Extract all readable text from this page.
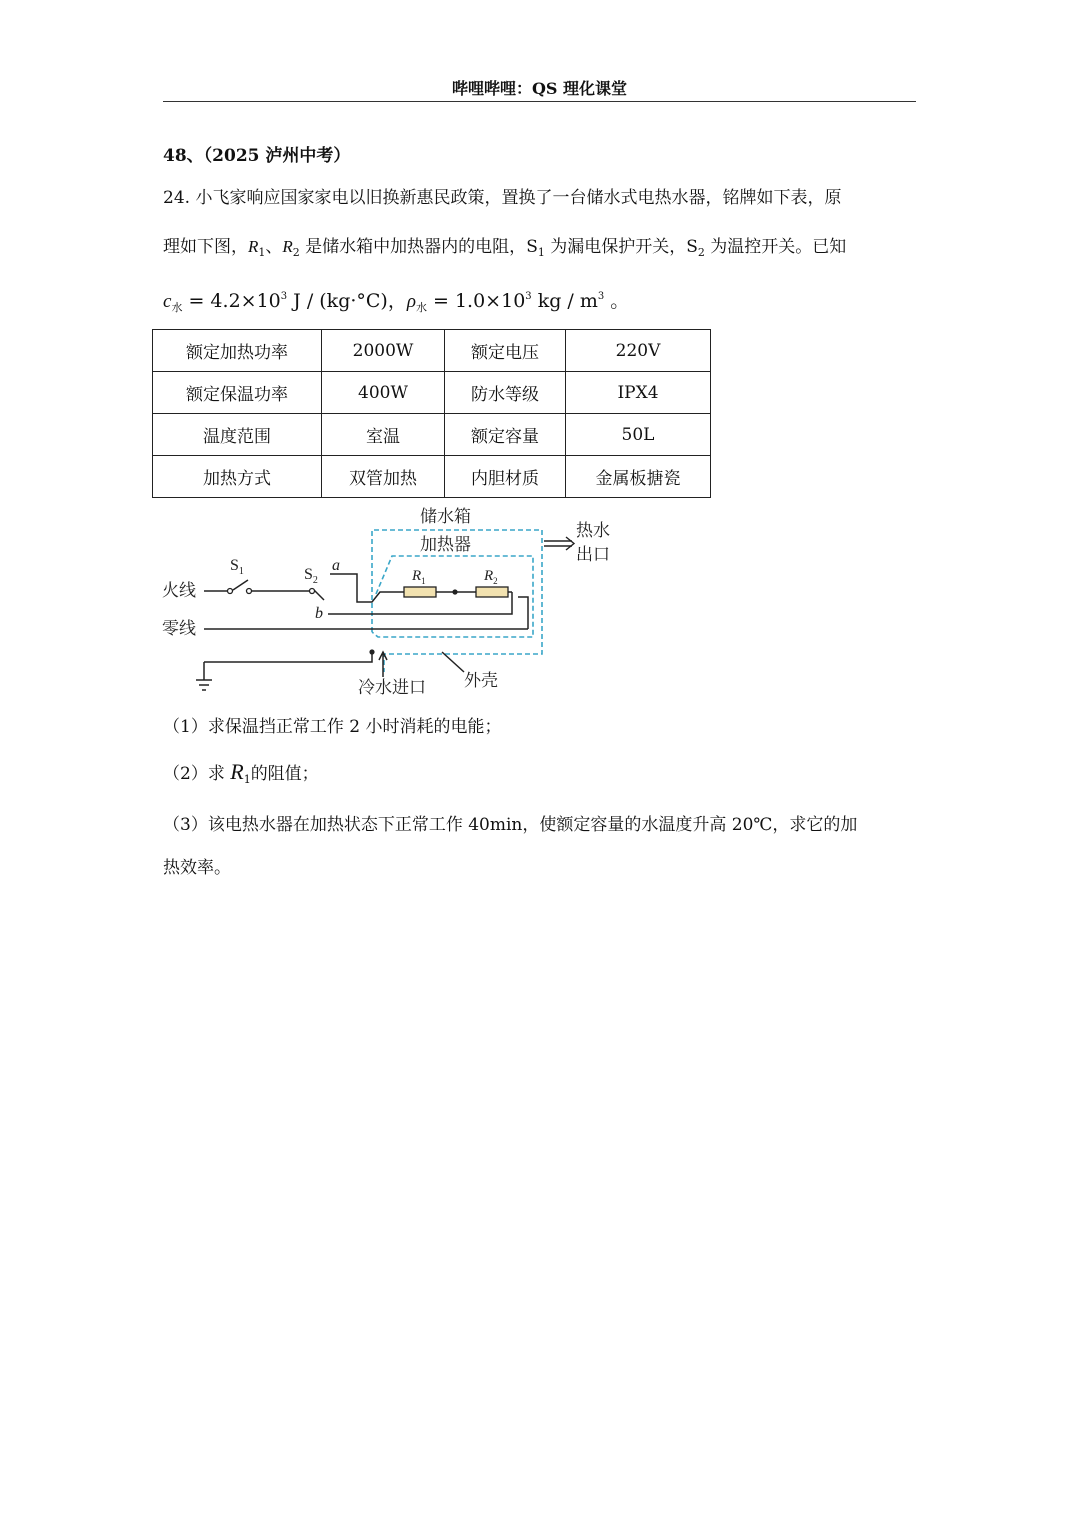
哔哩哔哩：QS 理化课堂
48、（2025 泸州中考）
24. 小飞家响应国家家电以旧换新惠民政策，置换了一台储水式电热水器，铭牌如下表，原
理如下图，$R_1$、$R_2$ 是储水箱中加热器内的电阻，$S_1$ 为漏电保护开关，$S_2$ 为温控开关。已知
$c_水 = 4.2\times 10^3$ J / (kg·°C)，$\rho_水 = 1.0\times 10^3$ kg / $m^3$ 。
额定加热功率	2000W	额定电压	220V
额定保温功率	400W	防水等级	IPX4
温度范围	室温	额定容量	50L
加热方式	双管加热	内胆材质	金属板搪瓷
储水箱
加热器
热水
出口
火线
零线
$S_1$	$S_2$
a
b
$R_1$	$R_2$
冷水进口 外壳
（1）求保温挡正常工作 2 小时消耗的电能；
（2）求 $R_1$的阻值；
（3）该电热水器在加热状态下正常工作 40min，使额定容量的水温度升高 20℃，求它的加
热效率。
